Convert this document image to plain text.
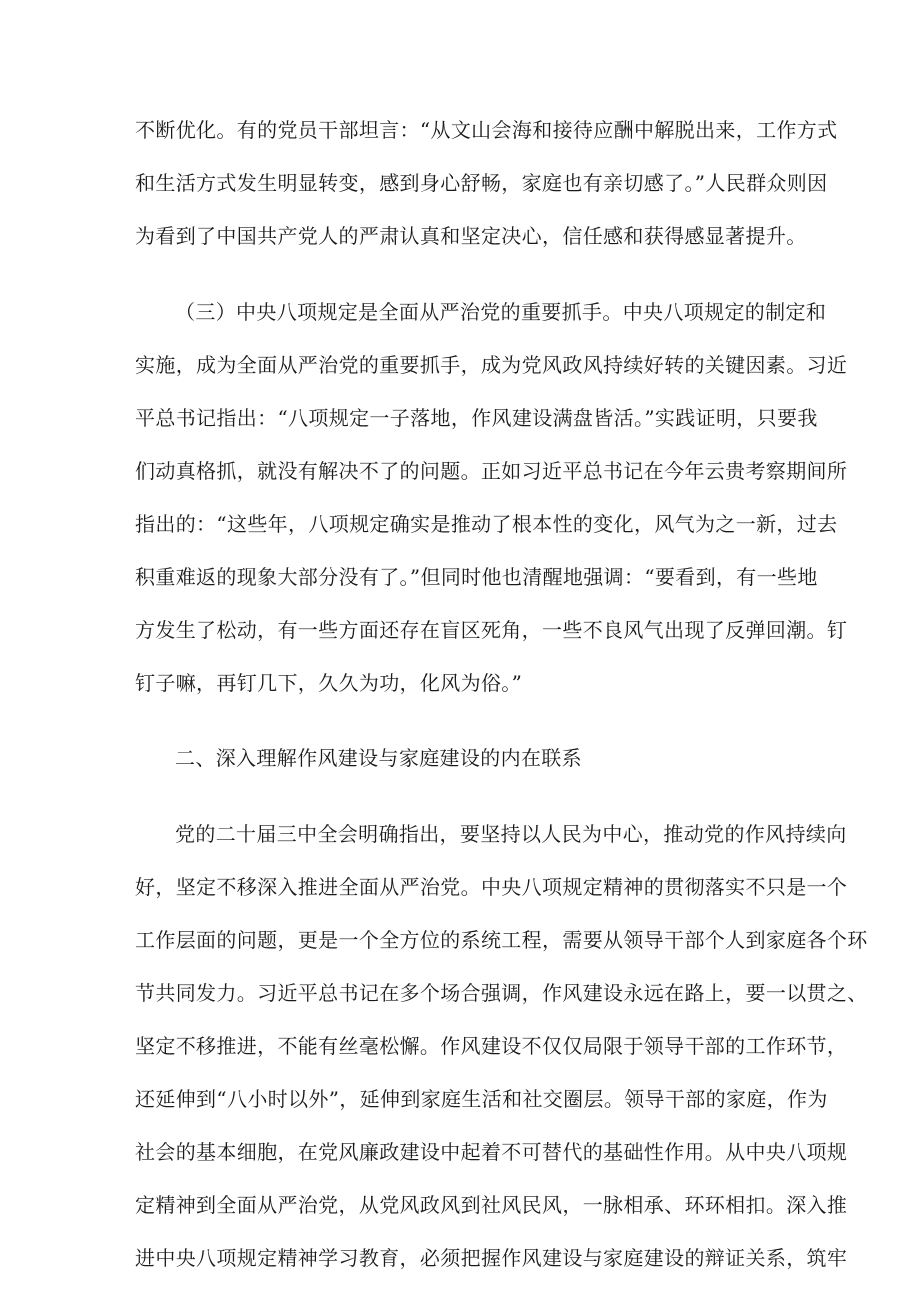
不断优化。有的党员干部坦言：“从文山会海和接待应酬中解脱出来，工作方式
和生活方式发生明显转变，感到身心舒畅，家庭也有亲切感了。”人民群众则因
为看到了中国共产党人的严肃认真和坚定决心，信任感和获得感显著提升。
（三）中央八项规定是全面从严治党的重要抓手。中央八项规定的制定和
实施，成为全面从严治党的重要抓手，成为党风政风持续好转的关键因素。习近
平总书记指出：“八项规定一子落地，作风建设满盘皆活。”实践证明，只要我
们动真格抓，就没有解决不了的问题。正如习近平总书记在今年云贵考察期间所
指出的：“这些年，八项规定确实是推动了根本性的变化，风气为之一新，过去
积重难返的现象大部分没有了。”但同时他也清醒地强调：“要看到，有一些地
方发生了松动，有一些方面还存在盲区死角，一些不良风气出现了反弹回潮。钉
钉子嘛，再钉几下，久久为功，化风为俗。”
二、深入理解作风建设与家庭建设的内在联系
党的二十届三中全会明确指出，要坚持以人民为中心，推动党的作风持续向
好，坚定不移深入推进全面从严治党。中央八项规定精神的贯彻落实不只是一个
工作层面的问题，更是一个全方位的系统工程，需要从领导干部个人到家庭各个环
节共同发力。习近平总书记在多个场合强调，作风建设永远在路上，要一以贯之、
坚定不移推进，不能有丝毫松懈。作风建设不仅仅局限于领导干部的工作环节，
还延伸到“八小时以外”，延伸到家庭生活和社交圈层。领导干部的家庭，作为
社会的基本细胞，在党风廉政建设中起着不可替代的基础性作用。从中央八项规
定精神到全面从严治党，从党风政风到社风民风，一脉相承、环环相扣。深入推
进中央八项规定精神学习教育，必须把握作风建设与家庭建设的辩证关系，筑牢
